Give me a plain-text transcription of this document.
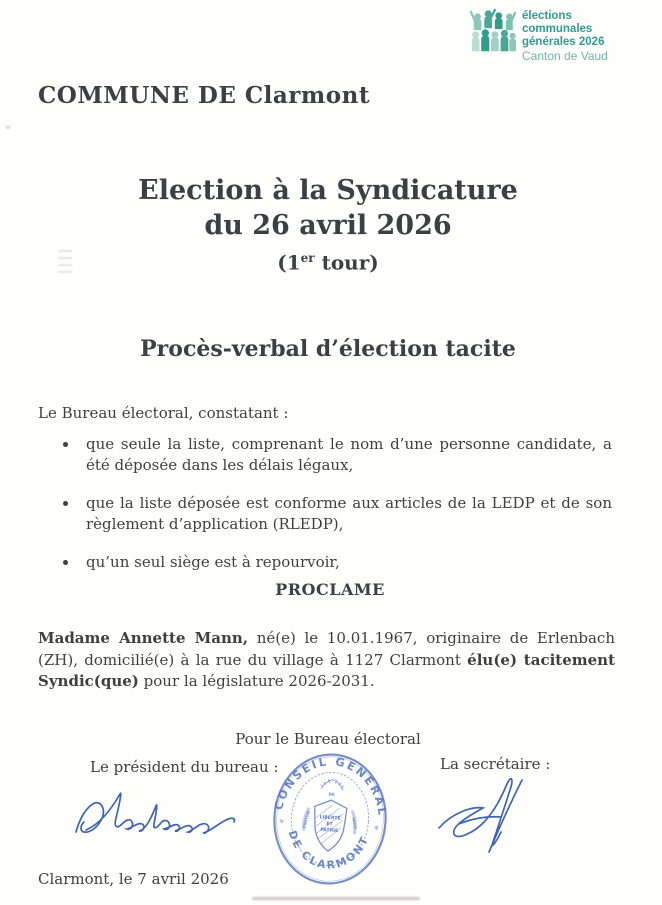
élections
communales
générales 2026
Canton de Vaud
COMMUNE DE Clarmont
Election à la Syndicature
du 26 avril 2026
(1er tour)
Procès-verbal d’élection tacite
Le Bureau électoral, constatant :
que seule la liste, comprenant le nom d’une personne candidate, a été déposée dans les délais légaux,
que la liste déposée est conforme aux articles de la LEDP et de son règlement d’application (RLEDP),
qu’un seul siège est à repourvoir,
PROCLAME
Madame Annette Mann, né(e) le 10.01.1967, originaire de Erlenbach (ZH), domicilié(e) à la rue du village à 1127 Clarmont élu(e) tacitement Syndic(que) pour la législature 2026-2031.
Pour le Bureau électoral
Le président du bureau :	La secrétaire :
CONSEIL GENERAL
DE CLARMONT
✳
✳
DE
CANTON	VAUD
LIBERTÉ
ET
PATRIE
Clarmont, le 7 avril 2026
